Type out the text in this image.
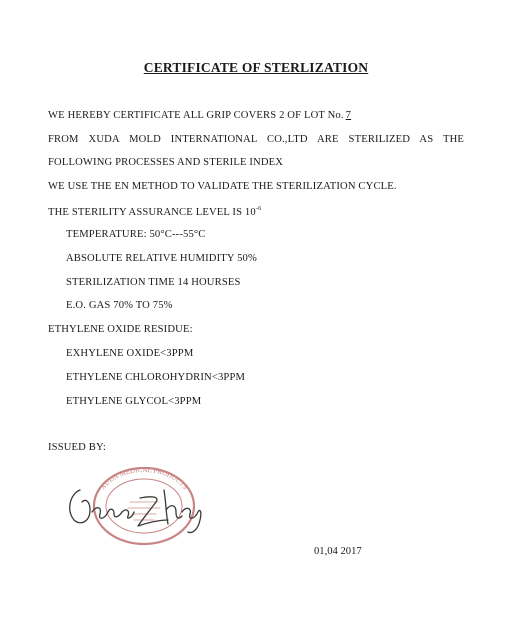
CERTIFICATE OF STERLIZATION
WE HEREBY CERTIFICATE ALL GRIP COVERS 2 OF LOT No. 7
FROM XUDA MOLD INTERNATIONAL CO.,LTD ARE STERILIZED AS THE
FOLLOWING PROCESSES AND STERILE INDEX
WE USE THE EN METHOD TO VALIDATE THE STERILIZATION CYCLE.
THE STERILITY ASSURANCE LEVEL IS $10^{-6}$
TEMPERATURE: 50°C---55°C
ABSOLUTE RELATIVE HUMIDITY 50%
STERILIZATION TIME 14 HOURSES
E.O. GAS 70% TO 75%
ETHYLENE OXIDE RESIDUE:
EXHYLENE OXIDE<3PPM
ETHYLENE CHLOROHYDRIN<3PPM
ETHYLENE GLYCOL<3PPM
ISSUED BY:
XUDA MEDICAL PRODUCTS
01,04 2017
